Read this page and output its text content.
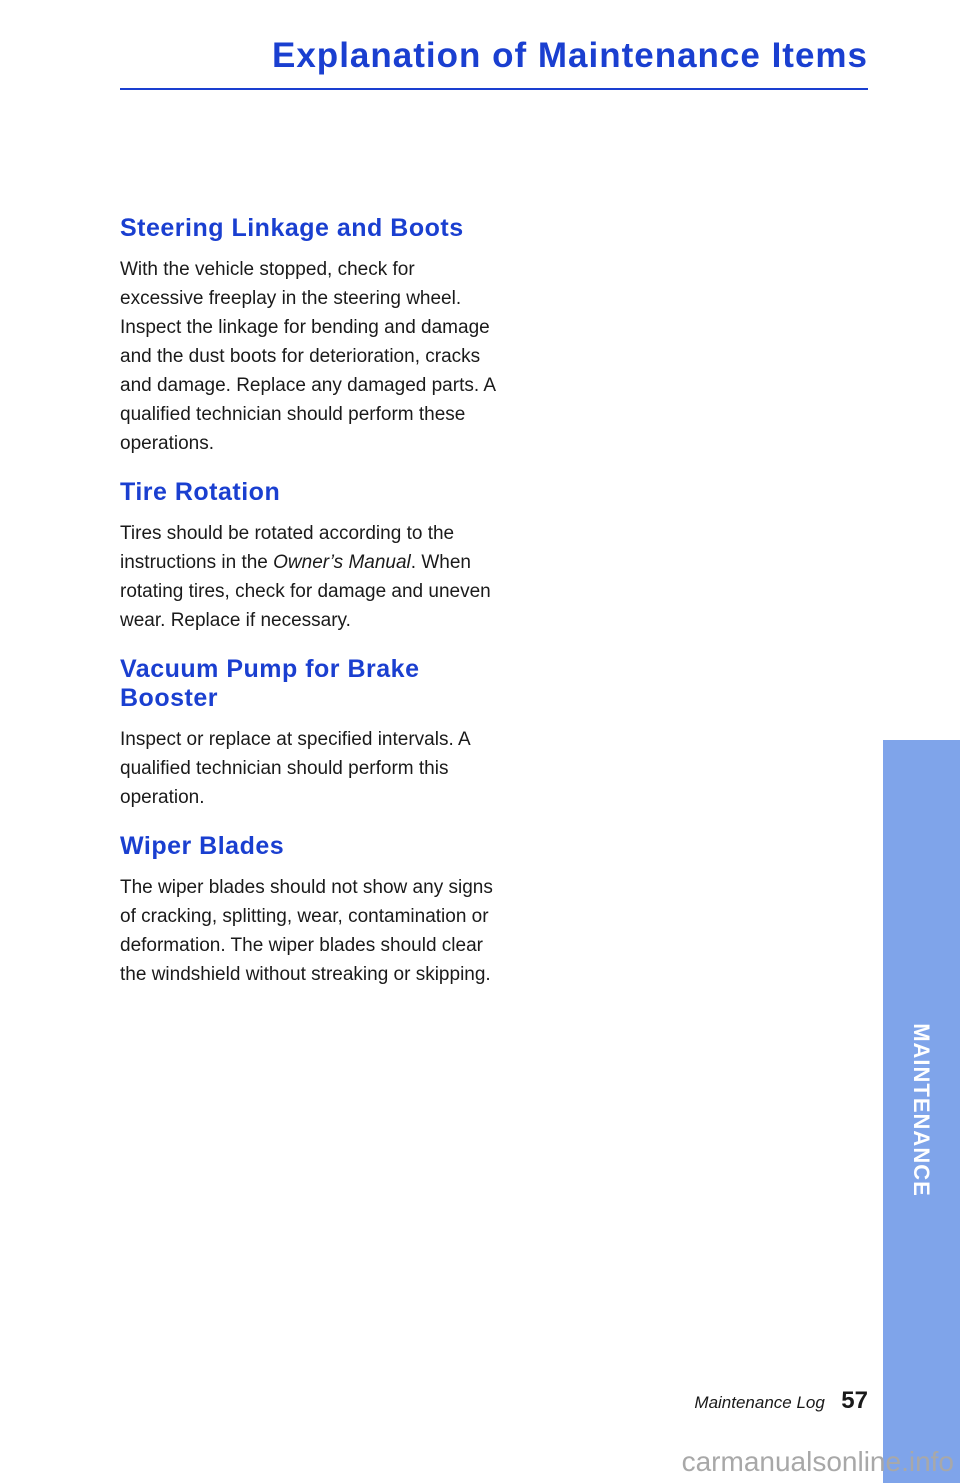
Explanation of Maintenance Items
Steering Linkage and Boots

With the vehicle stopped, check for excessive freeplay in the steering wheel. Inspect the linkage for bending and damage and the dust boots for deterioration, cracks and damage. Replace any damaged parts. A qualified technician should perform these operations.

Tire Rotation

Tires should be rotated according to the instructions in the Owner’s Manual. When rotating tires, check for damage and uneven wear. Replace if necessary.

Vacuum Pump for Brake
Booster

Inspect or replace at specified intervals. A qualified technician should perform this operation.

Wiper Blades

The wiper blades should not show any signs of cracking, splitting, wear, contamination or deformation. The wiper blades should clear the windshield without streaking or skipping.

MAINTENANCE
Maintenance Log 57
carmanualsonline.info
